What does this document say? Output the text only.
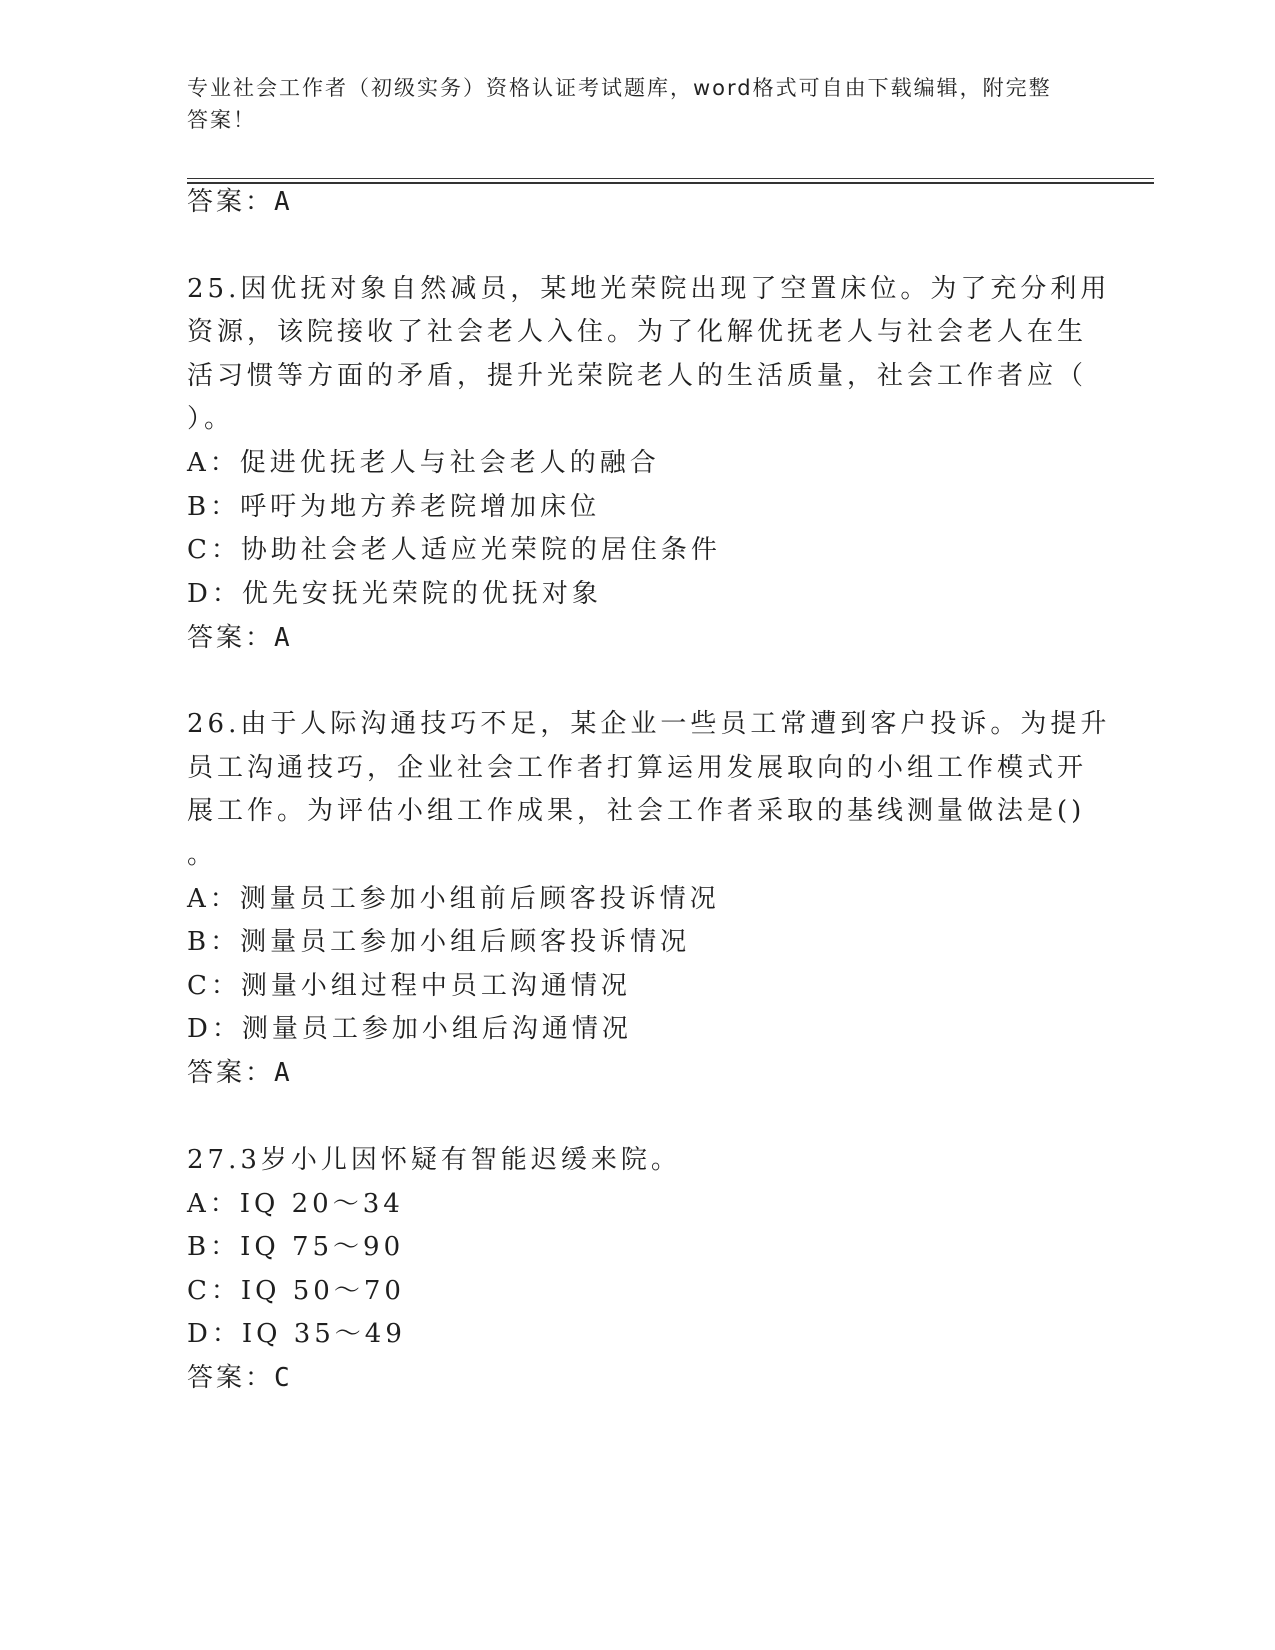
专业社会工作者（初级实务）资格认证考试题库，word格式可自由下载编辑，附完整答案！
答案：A
25.因优抚对象自然减员，某地光荣院出现了空置床位。为了充分利用
资源，该院接收了社会老人入住。为了化解优抚老人与社会老人在生
活习惯等方面的矛盾，提升光荣院老人的生活质量，社会工作者应（
）。
A：促进优抚老人与社会老人的融合
B：呼吁为地方养老院增加床位
C：协助社会老人适应光荣院的居住条件
D：优先安抚光荣院的优抚对象
答案：A
26.由于人际沟通技巧不足，某企业一些员工常遭到客户投诉。为提升
员工沟通技巧，企业社会工作者打算运用发展取向的小组工作模式开
展工作。为评估小组工作成果，社会工作者采取的基线测量做法是()
。
A：测量员工参加小组前后顾客投诉情况
B：测量员工参加小组后顾客投诉情况
C：测量小组过程中员工沟通情况
D：测量员工参加小组后沟通情况
答案：A
27.3岁小儿因怀疑有智能迟缓来院。
A：IQ 20～34
B：IQ 75～90
C：IQ 50～70
D：IQ 35～49
答案：C
